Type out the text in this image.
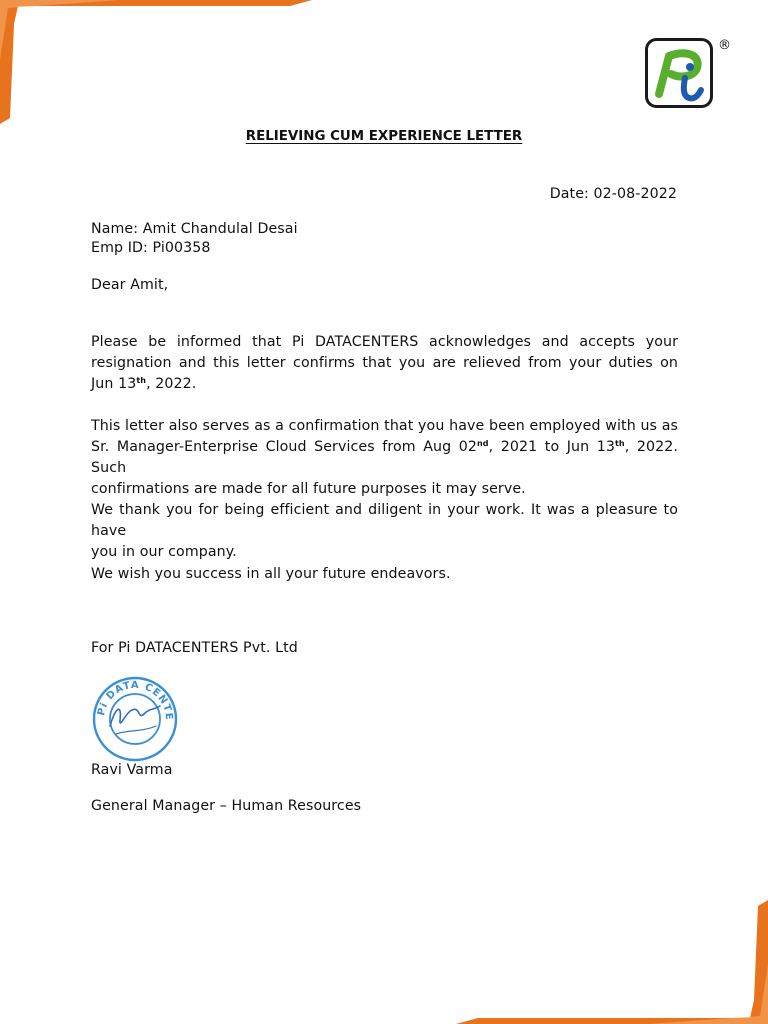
®
RELIEVING CUM EXPERIENCE LETTER
Date: 02-08-2022
Name: Amit Chandulal Desai
Emp ID: Pi00358
Dear Amit,
Please be informed that Pi DATACENTERS acknowledges and accepts your
resignation and this letter confirms that you are relieved from your duties on
Jun 13th, 2022.
This letter also serves as a confirmation that you have been employed with us as
Sr. Manager-Enterprise Cloud Services from Aug 02nd, 2021 to Jun 13th, 2022. Such
confirmations are made for all future purposes it may serve.
We thank you for being efficient and diligent in your work. It was a pleasure to have
you in our company.
We wish you success in all your future endeavors.
For Pi DATACENTERS Pvt. Ltd
Pi DATA CENTE
Ravi Varma
General Manager – Human Resources
